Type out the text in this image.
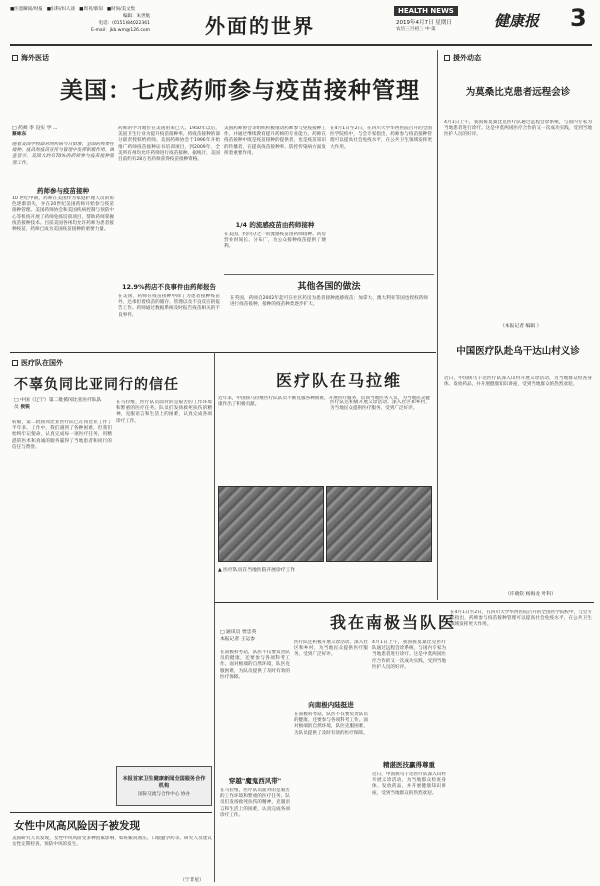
■医患瞬间/时报 ■妇科/妇人谈 ■周刊/新知 ■时尚/美文集
编辑：朱世航
电话：(0151)84022361
E-mail：jkb.wm@126.com	外面的世界
HEALTH NEWS
2019年4月7日 星期日
农历三月初三 中·第	健康报 3
海外医话
美国：七成药师参与疫苗接种管理
□ 药师 李 良实 学 ...
蔡咏东
随着美国学校面对的疾病与日俱增，全国药师要在接种、疫苗的疫苗宣传与管理中发挥积极作用。调查显示，美国大约有70%的药师参与疫苗接种管理工作。
药师参与疫苗接种
10 世纪中期，药师在美国作为家庭护理人员的角色逐渐消失，并在20世纪美国药师开始参与疫苗接种管理。美国药师协会和美国疾病控制与预防中心等机构开展了药师免疫培训项目，帮助药师掌握疫苗接种技术。目前美国各州均允许药师为患者接种疫苗，药师已成为美国疫苗接种的重要力量。
药师的学习地位在美国由来已久。1950年以后，美国卫生行业为提升疫苗接种率，将疫苗接种的部分职责授权给药师。美国药师协会于1996年开始推广药师疫苗接种证书培训项目，到2009年，全美所有州均允许药师进行疫苗接种。据统计，美国目前约有28万名药师获得疫苗接种资格。
12.9%药店不良事件由药师报告
在美国，药师在疫苗接种中除了为患者接种疫苗外，还承担着疫苗的储存、管理以及不良反应的报告工作。药师通过数据系统及时报告疫苗相关的不良事件。
美国药师协会等组织积极推动药师参与免疫接种工作，并通过继续教育提升药师的专业能力。药师在疫苗接种中既是疫苗接种的提供者，也是疫苗知识的传播者，在提高疫苗接种率、防控传染病方面发挥着重要作用。
1/4 的流感疫苗由药师接种
在美国，约四分之一的流感疫苗由药师接种。药房营业时间长、分布广，为公众接种疫苗提供了便利。
在4月1日至2日，在四川大学华西医院召开的全国医学院校中，与会专家指出，药师参与疫苗接种管理可以提高社会免疫水平，在公共卫生领域发挥更大作用。
其他各国的做法
在英国，药师自2002年起可在社区药房为患者接种流感疫苗；加拿大、澳大利亚等国也授权药师进行疫苗接种，接种的疫苗种类逐步扩大。
援外动态
为莫桑比克患者远程会诊
4月1日上午，我国援莫桑比克医疗队通过远程会诊系统，与国内专家为当地患者进行诊疗。这是中莫两国医疗合作的又一次成功实践，受到当地医护人员的好评。
（本报记者 编辑 ）
中国医疗队赴乌干达山村义诊
近日，中国援乌干达医疗队深入山村开展义诊活动，为当地群众检查身体、发放药品，并开展健康知识讲座，受到当地群众的热烈欢迎。
（许晓钦 杨海龙 叶科）
医疗队在国外
不辜负同比亚同行的信任
□ 中国（辽宁）第二批援冈比亚医疗队队员 侯锐
转眼，第二批援冈比亚医疗队已在冈比亚工作了半年多。工作中，我们遇到了各种困难，但我们始终牢记使命，认真完成每一项医疗任务，用精湛的医术和真诚的服务赢得了当地患者和同行的信任与赞誉。
在马拉维，医疗队员面对的是艰苦的工作环境和繁重的医疗任务。队员们发扬救死扶伤的精神，克服语言和生活上的困难，认真完成各项诊疗工作。
本报首家卫生健康新闻全国服务合作机构
国际交流与合作中心 协办
医疗队在马拉维
近年来，中国援马拉维医疗队队员不断克服各种困难，开展医疗服务，培训当地医务人员，为当地民众健康作出了积极贡献。
▲ 医疗队员在当地医院开展诊疗工作
医疗队还积极开展义诊活动，深入社区和乡村，为当地民众提供医疗服务，受到广泛好评。
我在南极当队医
□ 通讯员 贾忠英
本报记者 王运参
在南极科考站，队医不仅要负责队员的健康，还要参与各项科考工作。面对极端的自然环境，队医克服困难，为队员提供了及时有效的医疗保障。
穿越"魔鬼西风带"
在马拉维，医疗队员面对的是艰苦的工作环境和繁重的医疗任务。队员们发扬救死扶伤的精神，克服语言和生活上的困难，认真完成各项诊疗工作。
向南极内陆挺进
医疗队还积极开展义诊活动，深入社区和乡村，为当地民众提供医疗服务，受到广泛好评。
在南极科考站，队医不仅要负责队员的健康，还要参与各项科考工作。面对极端的自然环境，队医克服困难，为队员提供了及时有效的医疗保障。
精湛医技赢得尊重
4月1日上午，我国援莫桑比克医疗队通过远程会诊系统，与国内专家为当地患者进行诊疗。这是中莫两国医疗合作的又一次成功实践，受到当地医护人员的好评。
近日，中国援乌干达医疗队深入山村开展义诊活动，为当地群众检查身体、发放药品，并开展健康知识讲座，受到当地群众的热烈欢迎。
在4月1日至2日，在四川大学华西医院召开的全国医学院校中，与会专家指出，药师参与疫苗接种管理可以提高社会免疫水平，在公共卫生领域发挥更大作用。
女性中风高风险因子被发现
美国研究人员发现，女性中风风险受多种因素影响，如妊娠高血压、口服避孕药等。研究人员建议女性定期检查，预防中风的发生。
（宁非星）
